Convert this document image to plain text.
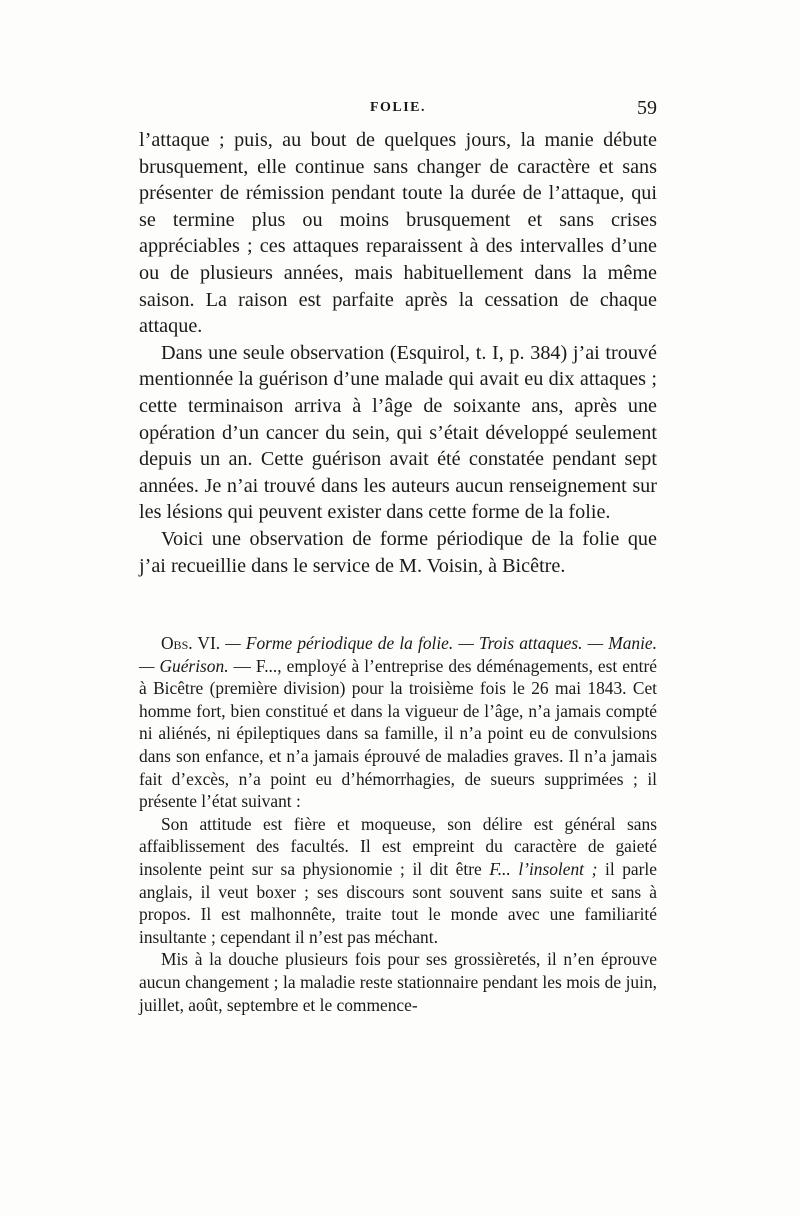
FOLIE.	59

l’attaque ; puis, au bout de quelques jours, la manie débute brusquement, elle continue sans changer de caractère et sans présenter de rémission pendant toute la durée de l’attaque, qui se termine plus ou moins brusquement et sans crises appréciables ; ces attaques reparaissent à des intervalles d’une ou de plusieurs années, mais habituellement dans la même saison. La raison est parfaite après la cessation de chaque attaque.

Dans une seule observation (Esquirol, t. I, p. 384) j’ai trouvé mentionnée la guérison d’une malade qui avait eu dix attaques ; cette terminaison arriva à l’âge de soixante ans, après une opération d’un cancer du sein, qui s’était développé seulement depuis un an. Cette guérison avait été constatée pendant sept années. Je n’ai trouvé dans les auteurs aucun renseignement sur les lésions qui peuvent exister dans cette forme de la folie.

Voici une observation de forme périodique de la folie que j’ai recueillie dans le service de M. Voisin, à Bicêtre.

Obs. VI. — Forme périodique de la folie. — Trois attaques. — Manie. — Guérison. — F..., employé à l’entreprise des déménagements, est entré à Bicêtre (première division) pour la troisième fois le 26 mai 1843. Cet homme fort, bien constitué et dans la vigueur de l’âge, n’a jamais compté ni aliénés, ni épileptiques dans sa famille, il n’a point eu de convulsions dans son enfance, et n’a jamais éprouvé de maladies graves. Il n’a jamais fait d’excès, n’a point eu d’hémorrhagies, de sueurs supprimées ; il présente l’état suivant :

Son attitude est fière et moqueuse, son délire est général sans affaiblissement des facultés. Il est empreint du caractère de gaieté insolente peint sur sa physionomie ; il dit être F... l’insolent ; il parle anglais, il veut boxer ; ses discours sont souvent sans suite et sans à propos. Il est malhonnête, traite tout le monde avec une familiarité insultante ; cependant il n’est pas méchant.

Mis à la douche plusieurs fois pour ses grossièretés, il n’en éprouve aucun changement ; la maladie reste stationnaire pendant les mois de juin, juillet, août, septembre et le commence-
